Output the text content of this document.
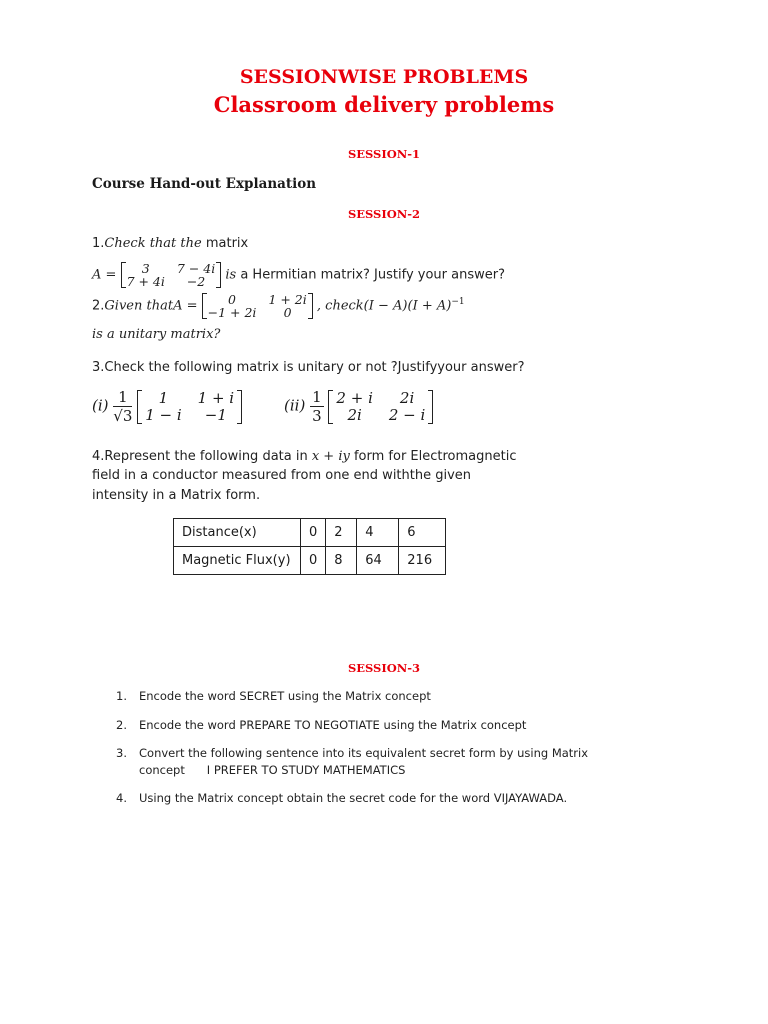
SESSIONWISE PROBLEMS
Classroom delivery problems
SESSION-1
Course Hand-out Explanation
SESSION-2
1.Check that the matrix
A = 3	7 − 4i
7 + 4i	−2 is a Hermitian matrix? Justify your answer?
2.Given thatA = 0	1 + 2i
−1 + 2i	0 , check(I − $A)(I + A)^{-1}$
is a unitary matrix?
3.Check the following matrix is unitary or not ?Justifyyour answer?
$(i) \frac{1}{√3}$
1	1 + i
1 − i	−1	$(ii) \frac{1}{3}$
2 + i	2i
2i	2 − i
4.Represent the following data in x + iy form for Electromagnetic
field in a conductor measured from one end withthe given
intensity in a Matrix form.
Distance(x)	0	2	4	6
Magnetic Flux(y)	0	8	64	216
SESSION-3
1. Encode the word SECRET using the Matrix concept
2. Encode the word PREPARE TO NEGOTIATE using the Matrix concept
3. Convert the following sentence into its equivalent secret form by using Matrix
concept      I PREFER TO STUDY MATHEMATICS
4. Using the Matrix concept obtain the secret code for the word VIJAYAWADA.
